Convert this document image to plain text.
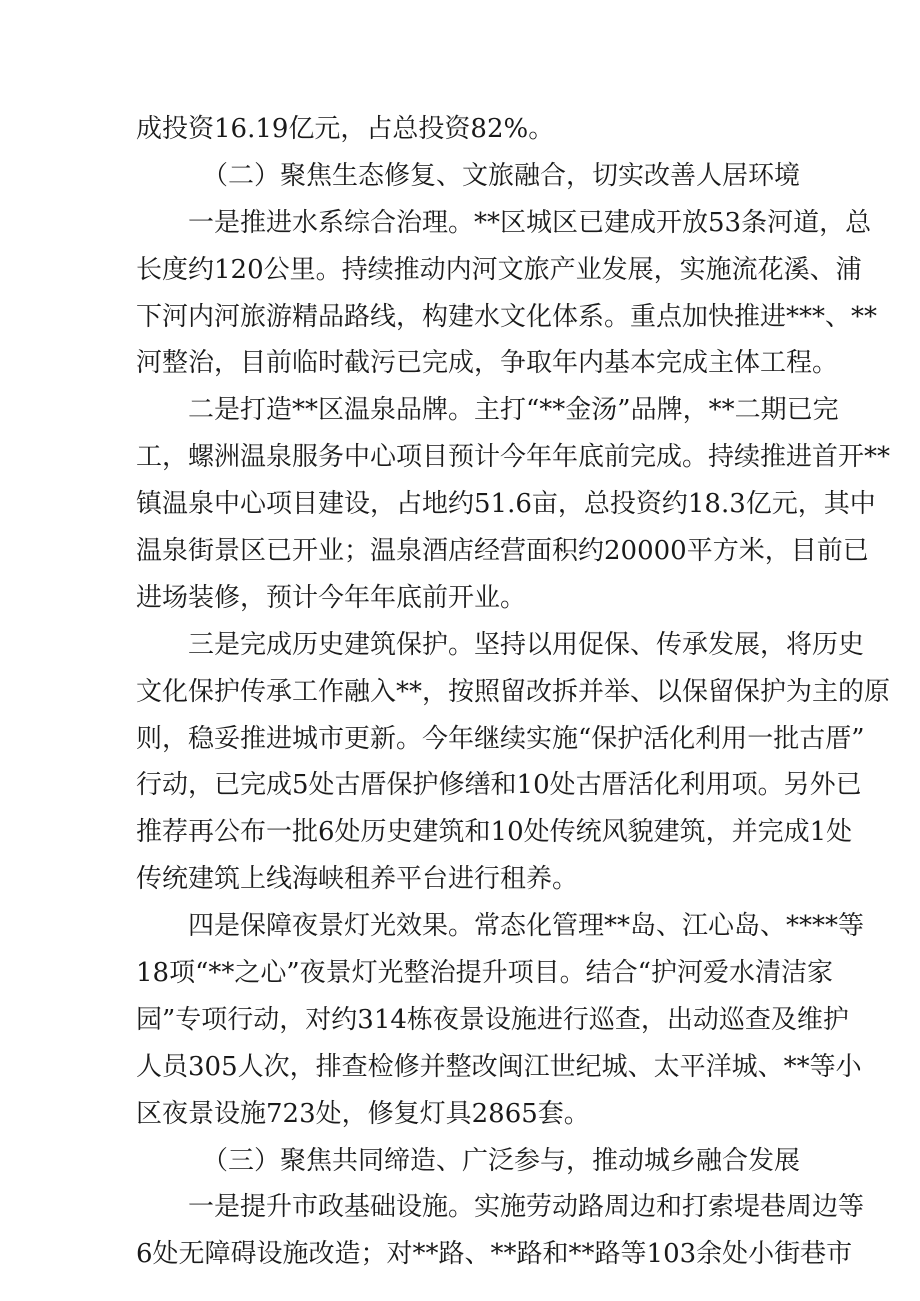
成投资16.19亿元，占总投资82%。
（二）聚焦生态修复、文旅融合，切实改善人居环境
一是推进水系综合治理。**区城区已建成开放53条河道，总
长度约120公里。持续推动内河文旅产业发展，实施流花溪、浦
下河内河旅游精品路线，构建水文化体系。重点加快推进***、**
河整治，目前临时截污已完成，争取年内基本完成主体工程。
二是打造**区温泉品牌。主打“**金汤”品牌，**二期已完
工，螺洲温泉服务中心项目预计今年年底前完成。持续推进首开**
镇温泉中心项目建设，占地约51.6亩，总投资约18.3亿元，其中
温泉街景区已开业；温泉酒店经营面积约20000平方米，目前已
进场装修，预计今年年底前开业。
三是完成历史建筑保护。坚持以用促保、传承发展，将历史
文化保护传承工作融入**，按照留改拆并举、以保留保护为主的原
则，稳妥推进城市更新。今年继续实施“保护活化利用一批古厝”
行动，已完成5处古厝保护修缮和10处古厝活化利用项。另外已
推荐再公布一批6处历史建筑和10处传统风貌建筑，并完成1处
传统建筑上线海峡租养平台进行租养。
四是保障夜景灯光效果。常态化管理**岛、江心岛、****等
18项“**之心”夜景灯光整治提升项目。结合“护河爱水清洁家
园”专项行动，对约314栋夜景设施进行巡查，出动巡查及维护
人员305人次，排查检修并整改闽江世纪城、太平洋城、**等小
区夜景设施723处，修复灯具2865套。
（三）聚焦共同缔造、广泛参与，推动城乡融合发展
一是提升市政基础设施。实施劳动路周边和打索堤巷周边等
6处无障碍设施改造；对**路、**路和**路等103余处小街巷市
